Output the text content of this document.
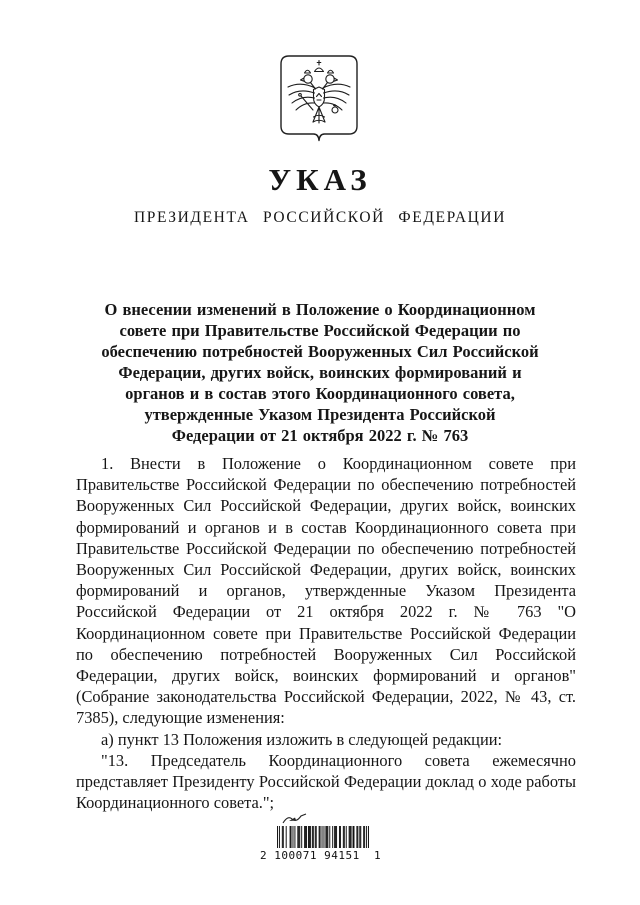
УКАЗ
ПРЕЗИДЕНТА РОССИЙСКОЙ ФЕДЕРАЦИИ
О внесении изменений в Положение о Координационном
совете при Правительстве Российской Федерации по
обеспечению потребностей Вооруженных Сил Российской
Федерации, других войск, воинских формирований и
органов и в состав этого Координационного совета,
утвержденные Указом Президента Российской
Федерации от 21 октября 2022 г. № 763

1. Внести в Положение о Координационном совете при Правительстве Российской Федерации по обеспечению потребностей Вооруженных Сил Российской Федерации, других войск, воинских формирований и органов и в состав Координационного совета при Правительстве Российской Федерации по обеспечению потребностей Вооруженных Сил Российской Федерации, других войск, воинских формирований и органов, утвержденные Указом Президента Российской Федерации от 21 октября 2022 г. № 763 "О Координационном совете при Правительстве Российской Федерации по обеспечению потребностей Вооруженных Сил Российской Федерации, других войск, воинских формирований и органов" (Собрание законодательства Российской Федерации, 2022, № 43, ст. 7385), следующие изменения:

а) пункт 13 Положения изложить в следующей редакции:

"13. Председатель Координационного совета ежемесячно представляет Президенту Российской Федерации доклад о ходе работы Координационного совета.";

2 100071 94151  1
